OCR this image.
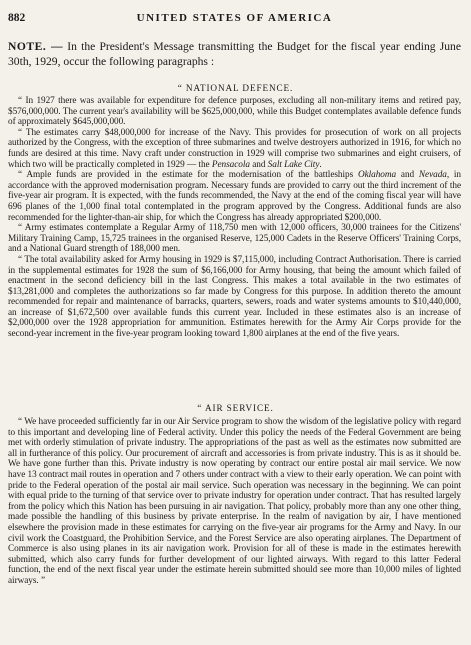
882	UNITED STATES OF AMERICA
NOTE. — In the President's Message transmitting the Budget for the fiscal year ending June 30th, 1929, occur the following paragraphs :
“ NATIONAL DEFENCE.

“ In 1927 there was available for expenditure for defence purposes, excluding all non-military items and retired pay, $576,000,000. The current year's availability will be $625,000,000, while this Budget contemplates available defence funds of approximately $645,000,000.

“ The estimates carry $48,000,000 for increase of the Navy. This provides for prosecution of work on all projects authorized by the Congress, with the exception of three submarines and twelve destroyers authorized in 1916, for which no funds are desired at this time. Navy craft under construction in 1929 will comprise two submarines and eight cruisers, of which two will be practically completed in 1929 — the Pensacola and Salt Lake City.

“ Ample funds are provided in the estimate for the modernisation of the battleships Oklahoma and Nevada, in accordance with the approved modernisation program. Necessary funds are provided to carry out the third increment of the five-year air program. It is expected, with the funds recommended, the Navy at the end of the coming fiscal year will have 696 planes of the 1,000 final total contemplated in the program approved by the Congress. Additional funds are also recommended for the lighter-than-air ship, for which the Congress has already appropriated $200,000.

“ Army estimates contemplate a Regular Army of 118,750 men with 12,000 officers, 30,000 trainees for the Citizens' Military Training Camp, 15,725 trainees in the organised Reserve, 125,000 Cadets in the Reserve Officers' Training Corps, and a National Guard strength of 188,000 men.

“ The total availability asked for Army housing in 1929 is $7,115,000, including Contract Authorisation. There is carried in the supplemental estimates for 1928 the sum of $6,166,000 for Army housing, that being the amount which failed of enactment in the second deficiency bill in the last Congress. This makes a total available in the two estimates of $13,281,000 and completes the authorizations so far made by Congress for this purpose. In addition thereto the amount recommended for repair and maintenance of barracks, quarters, sewers, roads and water systems amounts to $10,440,000, an increase of $1,672,500 over available funds this current year. Included in these estimates also is an increase of $2,000,000 over the 1928 appropriation for ammunition. Estimates herewith for the Army Air Corps provide for the second-year increment in the five-year program looking toward 1,800 airplanes at the end of the five years.

“ AIR SERVICE.

“ We have proceeded sufficiently far in our Air Service program to show the wisdom of the legislative policy with regard to this important and developing line of Federal activity. Under this policy the needs of the Federal Government are being met with orderly stimulation of private industry. The appropriations of the past as well as the estimates now submitted are all in furtherance of this policy. Our procurement of aircraft and accessories is from private industry. This is as it should be. We have gone further than this. Private industry is now operating by contract our entire postal air mail service. We now have 13 contract mail routes in operation and 7 others under contract with a view to their early operation. We can point with pride to the Federal operation of the postal air mail service. Such operation was necessary in the beginning. We can point with equal pride to the turning of that service over to private industry for operation under contract. That has resulted largely from the policy which this Nation has been pursuing in air navigation. That policy, probably more than any one other thing, made possible the handling of this business by private enterprise. In the realm of navigation by air, I have mentioned elsewhere the provision made in these estimates for carrying on the five-year air programs for the Army and Navy. In our civil work the Coastguard, the Prohibition Service, and the Forest Service are also operating airplanes. The Department of Commerce is also using planes in its air navigation work. Provision for all of these is made in the estimates herewith submitted, which also carry funds for further development of our lighted airways. With regard to this latter Federal function, the end of the next fiscal year under the estimate herein submitted should see more than 10,000 miles of lighted airways. ”
